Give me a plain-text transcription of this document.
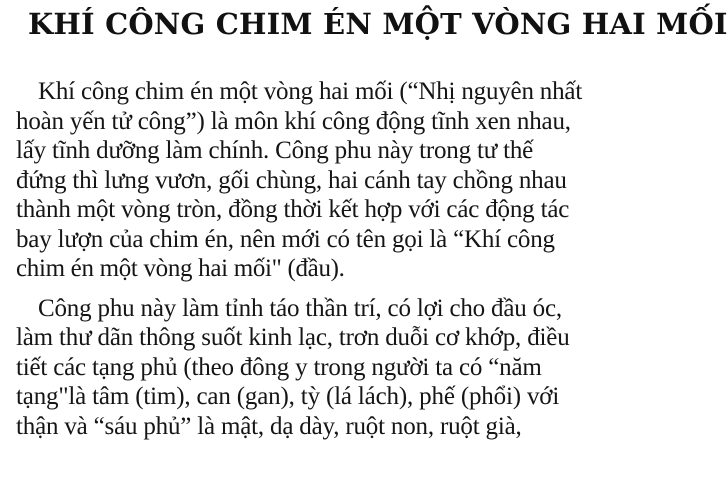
KHÍ CÔNG CHIM ÉN MỘT VÒNG HAI MỐI
Khí công chim én một vòng hai mối (“Nhị nguyên nhất
hoàn yến tử công”) là môn khí công động tĩnh xen nhau,
lấy tĩnh dưỡng làm chính. Công phu này trong tư thế
đứng thì lưng vươn, gối chùng, hai cánh tay chồng nhau
thành một vòng tròn, đồng thời kết hợp với các động tác
bay lượn của chim én, nên mới có tên gọi là “Khí công
chim én một vòng hai mối" (đầu).
Công phu này làm tỉnh táo thần trí, có lợi cho đầu óc,
làm thư dãn thông suốt kinh lạc, trơn duỗi cơ khớp, điều
tiết các tạng phủ (theo đông y trong người ta có “năm
tạng"là tâm (tim), can (gan), tỳ (lá lách), phế (phổi) với
thận và “sáu phủ” là mật, dạ dày, ruột non, ruột già,
